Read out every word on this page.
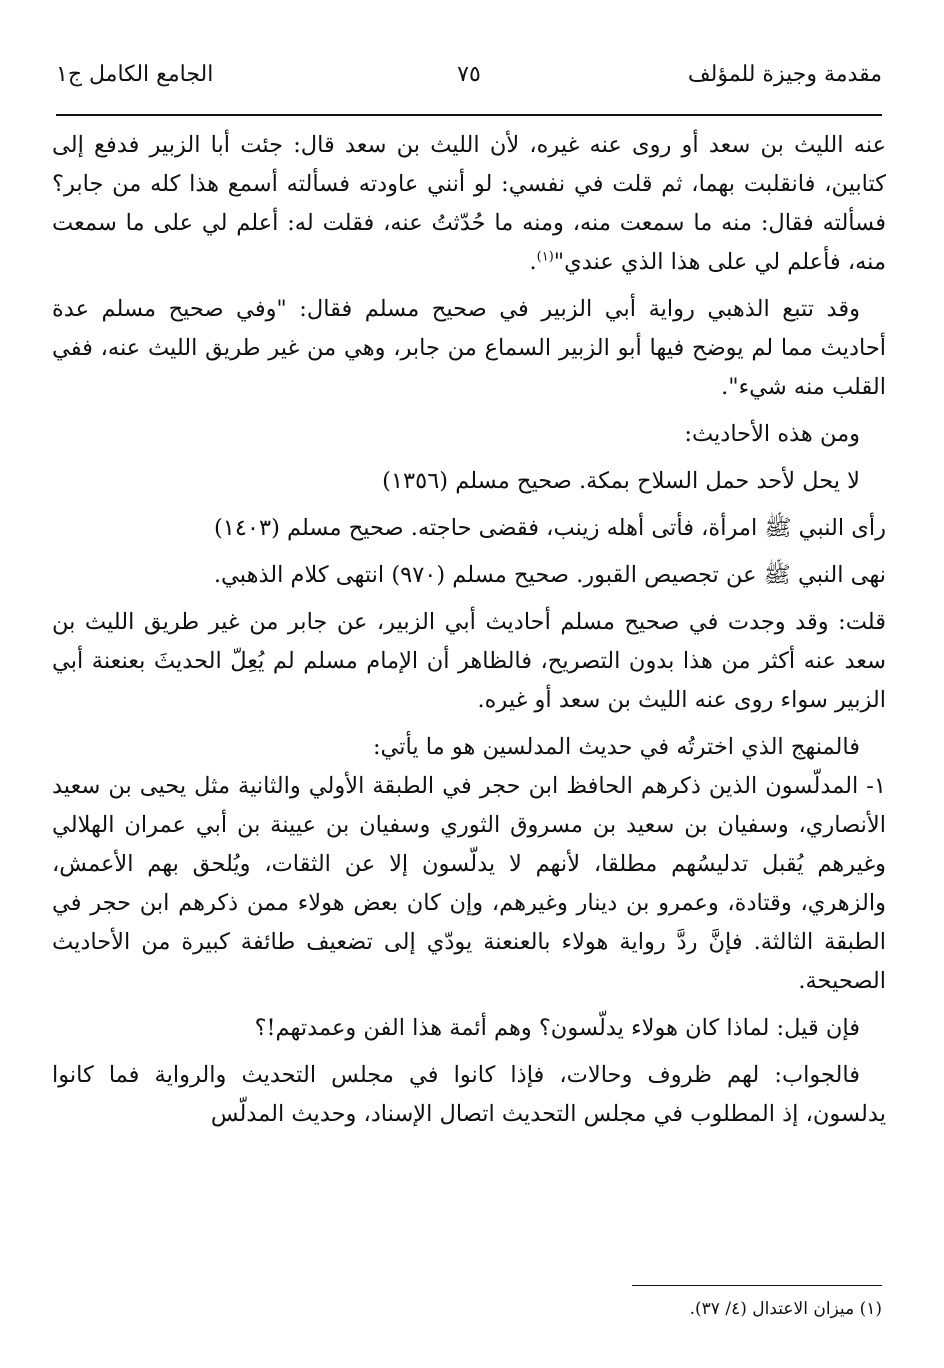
مقدمة وجيزة للمؤلف
٧٥
الجامع الكامل ج١

عنه الليث بن سعد أو روى عنه غيره، لأن الليث بن سعد قال: جئت أبا الزبير فدفع إلى كتابين، فانقلبت بهما، ثم قلت في نفسي: لو أنني عاودته فسألته أسمع هذا كله من جابر؟ فسألته فقال: منه ما سمعت منه، ومنه ما حُدّثتُ عنه، فقلت له: أعلم لي على ما سمعت منه، فأعلم لي على هذا الذي عندي"$^{(١)}$.

وقد تتبع الذهبي رواية أبي الزبير في صحيح مسلم فقال: "وفي صحيح مسلم عدة أحاديث مما لم يوضح فيها أبو الزبير السماع من جابر، وهي من غير طريق الليث عنه، ففي القلب منه شيء".

ومن هذه الأحاديث:

لا يحل لأحد حمل السلاح بمكة. صحيح مسلم (١٣٥٦)

رأى النبي ﷺ امرأة، فأتى أهله زينب، فقضى حاجته. صحيح مسلم (١٤٠٣)

نهى النبي ﷺ عن تجصيص القبور. صحيح مسلم (٩٧٠) انتهى كلام الذهبي.

قلت: وقد وجدت في صحيح مسلم أحاديث أبي الزبير، عن جابر من غير طريق الليث بن سعد عنه أكثر من هذا بدون التصريح، فالظاهر أن الإمام مسلم لم يُعِلّ الحديثَ بعنعنة أبي الزبير سواء روى عنه الليث بن سعد أو غيره.

فالمنهج الذي اخترتُه في حديث المدلسين هو ما يأتي:

١- المدلّسون الذين ذكرهم الحافظ ابن حجر في الطبقة الأولي والثانية مثل يحيى بن سعيد الأنصاري، وسفيان بن سعيد بن مسروق الثوري وسفيان بن عيينة بن أبي عمران الهلالي وغيرهم يُقبل تدليسُهم مطلقا، لأنهم لا يدلّسون إلا عن الثقات، ويُلحق بهم الأعمش، والزهري، وقتادة، وعمرو بن دينار وغيرهم، وإن كان بعض هولاء ممن ذكرهم ابن حجر في الطبقة الثالثة. فإنَّ ردَّ رواية هولاء بالعنعنة يودّي إلى تضعيف طائفة كبيرة من الأحاديث الصحيحة.

فإن قيل: لماذا كان هولاء يدلّسون؟ وهم أئمة هذا الفن وعمدتهم!؟

فالجواب: لهم ظروف وحالات، فإذا كانوا في مجلس التحديث والرواية فما كانوا يدلسون، إذ المطلوب في مجلس التحديث اتصال الإسناد، وحديث المدلّس

(١) ميزان الاعتدال (٤/ ٣٧).
